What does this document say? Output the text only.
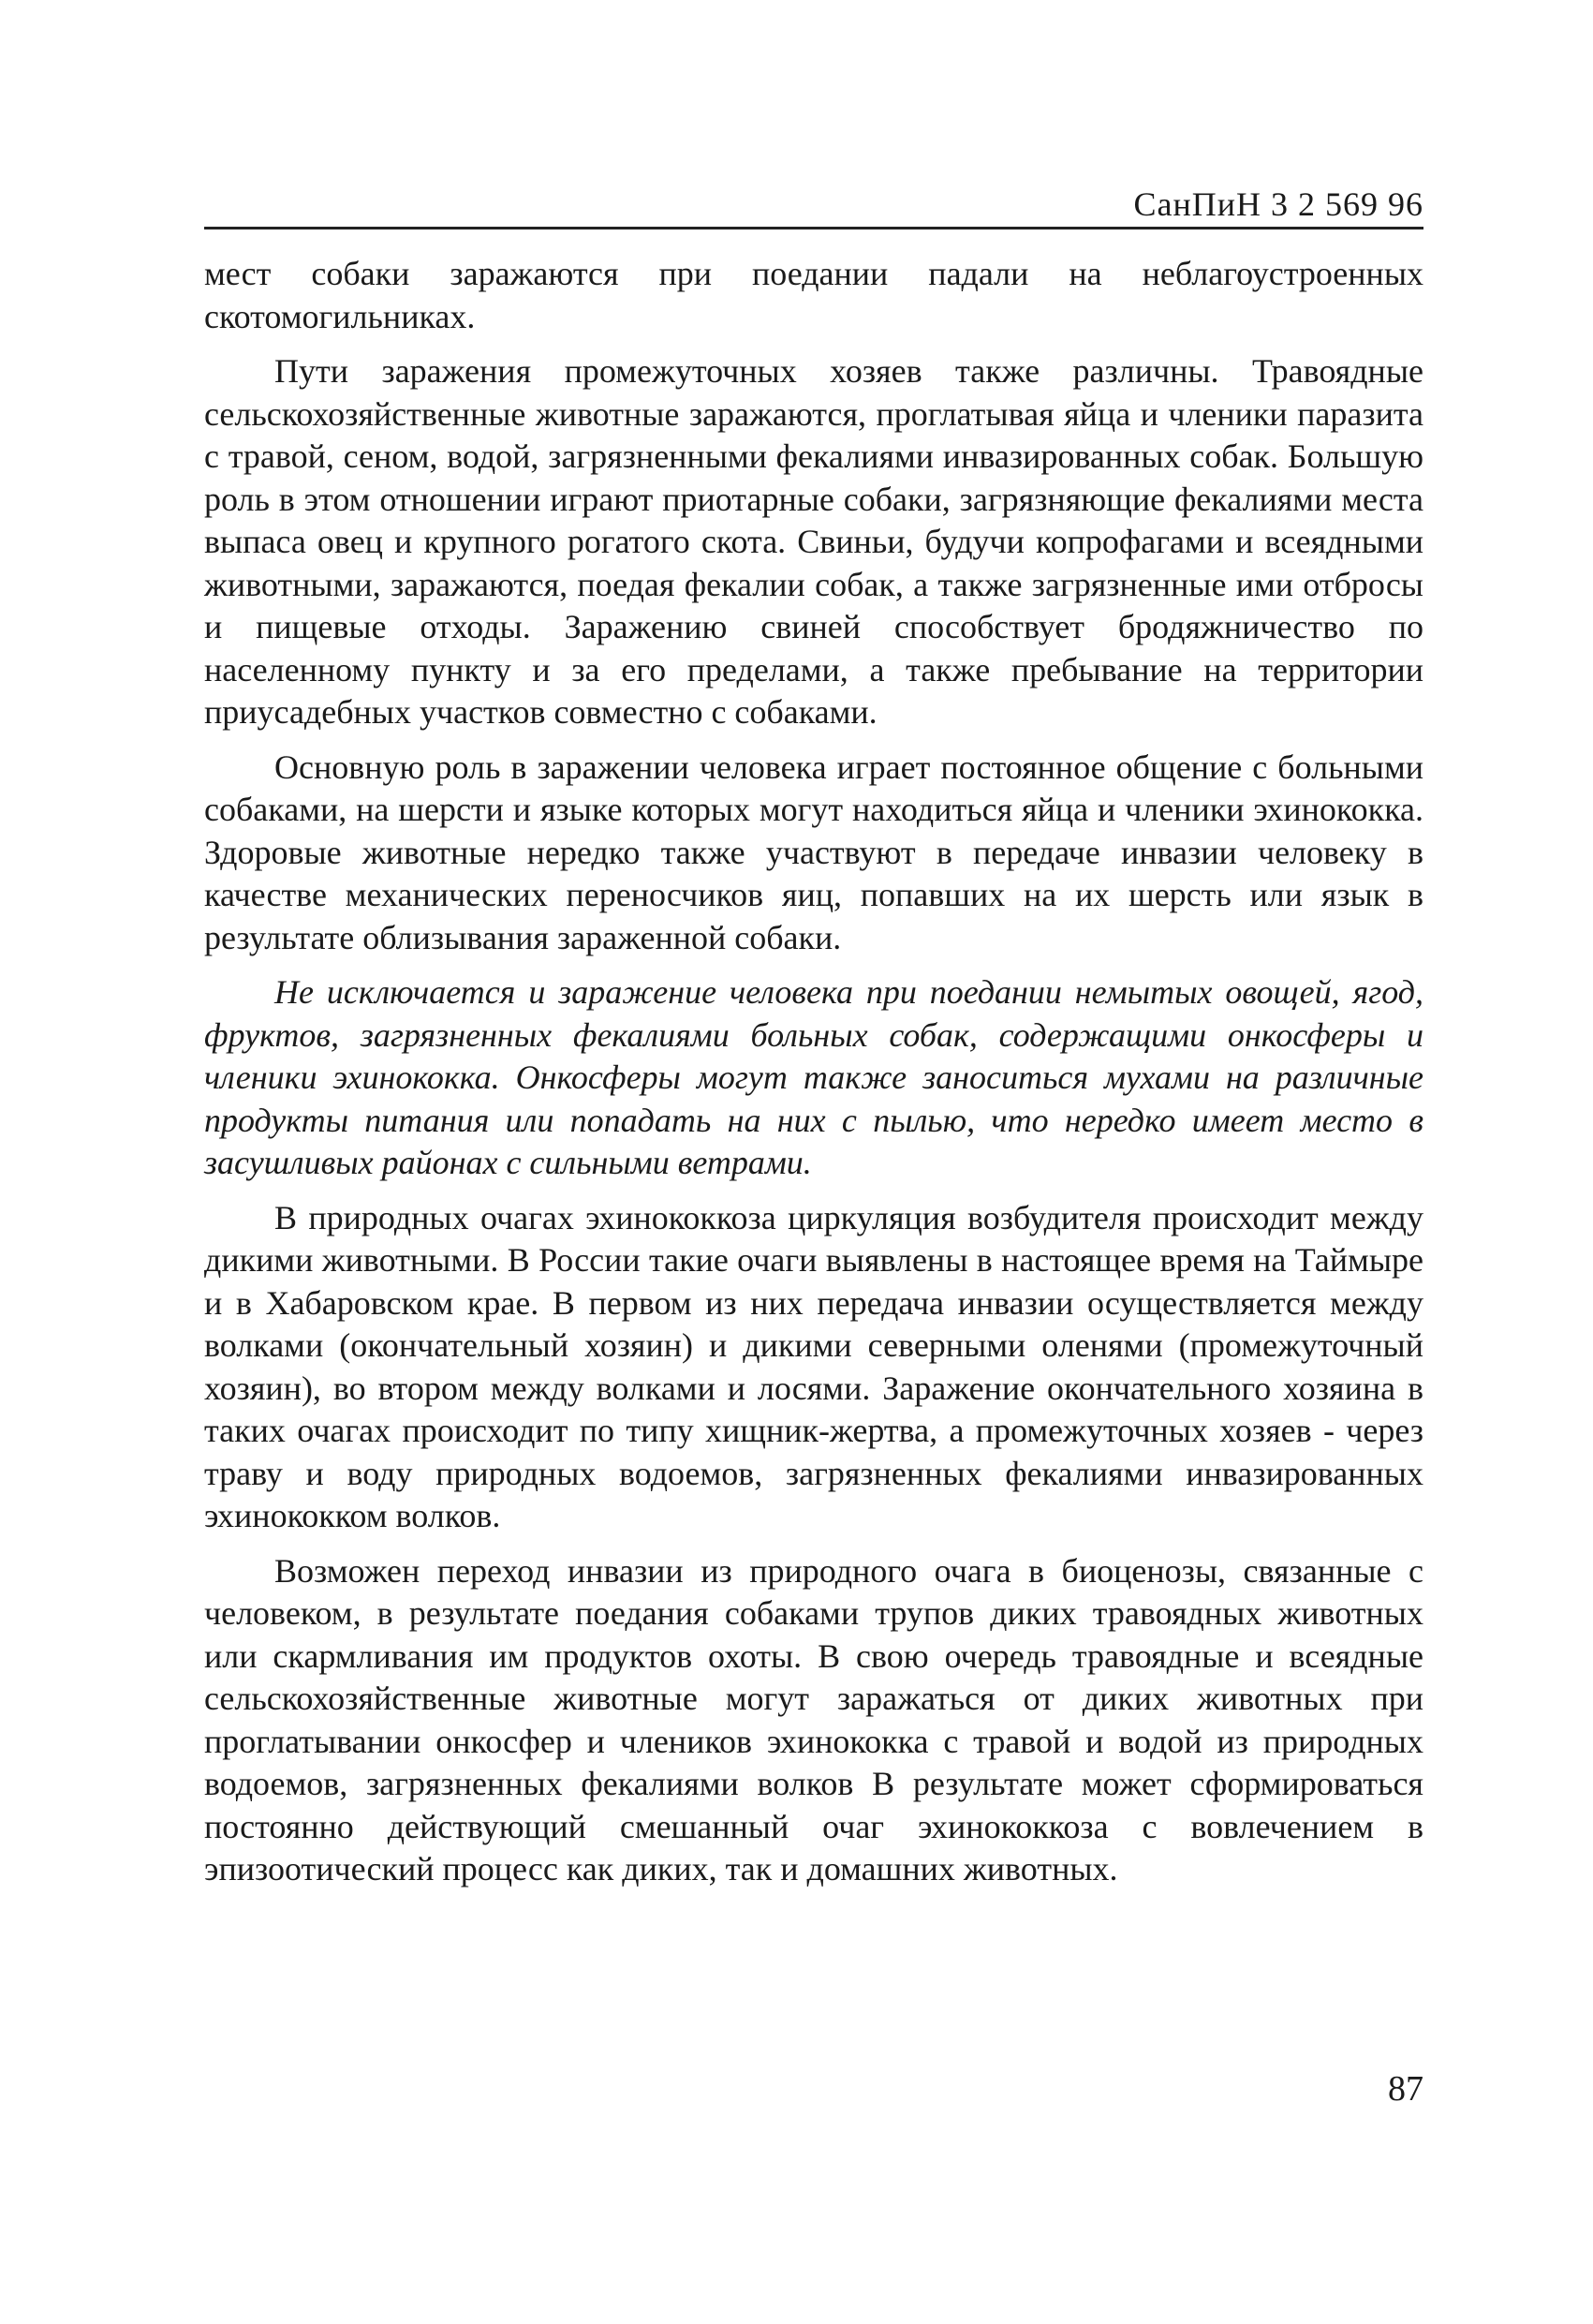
СанПиН 3 2 569 96

мест собаки заражаются при поедании падали на неблагоустроенных скотомогильниках.

Пути заражения промежуточных хозяев также различны. Травоядные сельскохозяйственные животные заражаются, проглатывая яйца и членики паразита с травой, сеном, водой, загрязненными фекалиями инвазированных собак. Большую роль в этом отношении играют приотарные собаки, загрязняющие фекалиями места выпаса овец и крупного рогатого скота. Свиньи, будучи копрофагами и всеядными животными, заражаются, поедая фекалии собак, а также загрязненные ими отбросы и пищевые отходы. Заражению свиней способствует бродяжничество по населенному пункту и за его пределами, а также пребывание на территории приусадебных участков совместно с собаками.

Основную роль в заражении человека играет постоянное общение с больными собаками, на шерсти и языке которых могут находиться яйца и членики эхинококка. Здоровые животные нередко также участвуют в передаче инвазии человеку в качестве механических переносчиков яиц, попавших на их шерсть или язык в результате облизывания зараженной собаки.

Не исключается и заражение человека при поедании немытых овощей, ягод, фруктов, загрязненных фекалиями больных собак, содержащими онкосферы и членики эхинококка. Онкосферы могут также заноситься мухами на различные продукты питания или попадать на них с пылью, что нередко имеет место в засушливых районах с сильными ветрами.

В природных очагах эхинококкоза циркуляция возбудителя происходит между дикими животными. В России такие очаги выявлены в настоящее время на Таймыре и в Хабаровском крае. В первом из них передача инвазии осуществляется между волками (окончательный хозяин) и дикими северными оленями (промежуточный хозяин), во втором между волками и лосями. Заражение окончательного хозяина в таких очагах происходит по типу хищник-жертва, а промежуточных хозяев - через траву и воду природных водоемов, загрязненных фекалиями инвазированных эхинококком волков.

Возможен переход инвазии из природного очага в биоценозы, связанные с человеком, в результате поедания собаками трупов диких травоядных животных или скармливания им продуктов охоты. В свою очередь травоядные и всеядные сельскохозяйственные животные могут заражаться от диких животных при проглатывании онкосфер и члеников эхинококка с травой и водой из природных водоемов, загрязненных фекалиями волков В результате может сформироваться постоянно действующий смешанный очаг эхинококкоза с вовлечением в эпизоотический процесс как диких, так и домашних животных.

87
